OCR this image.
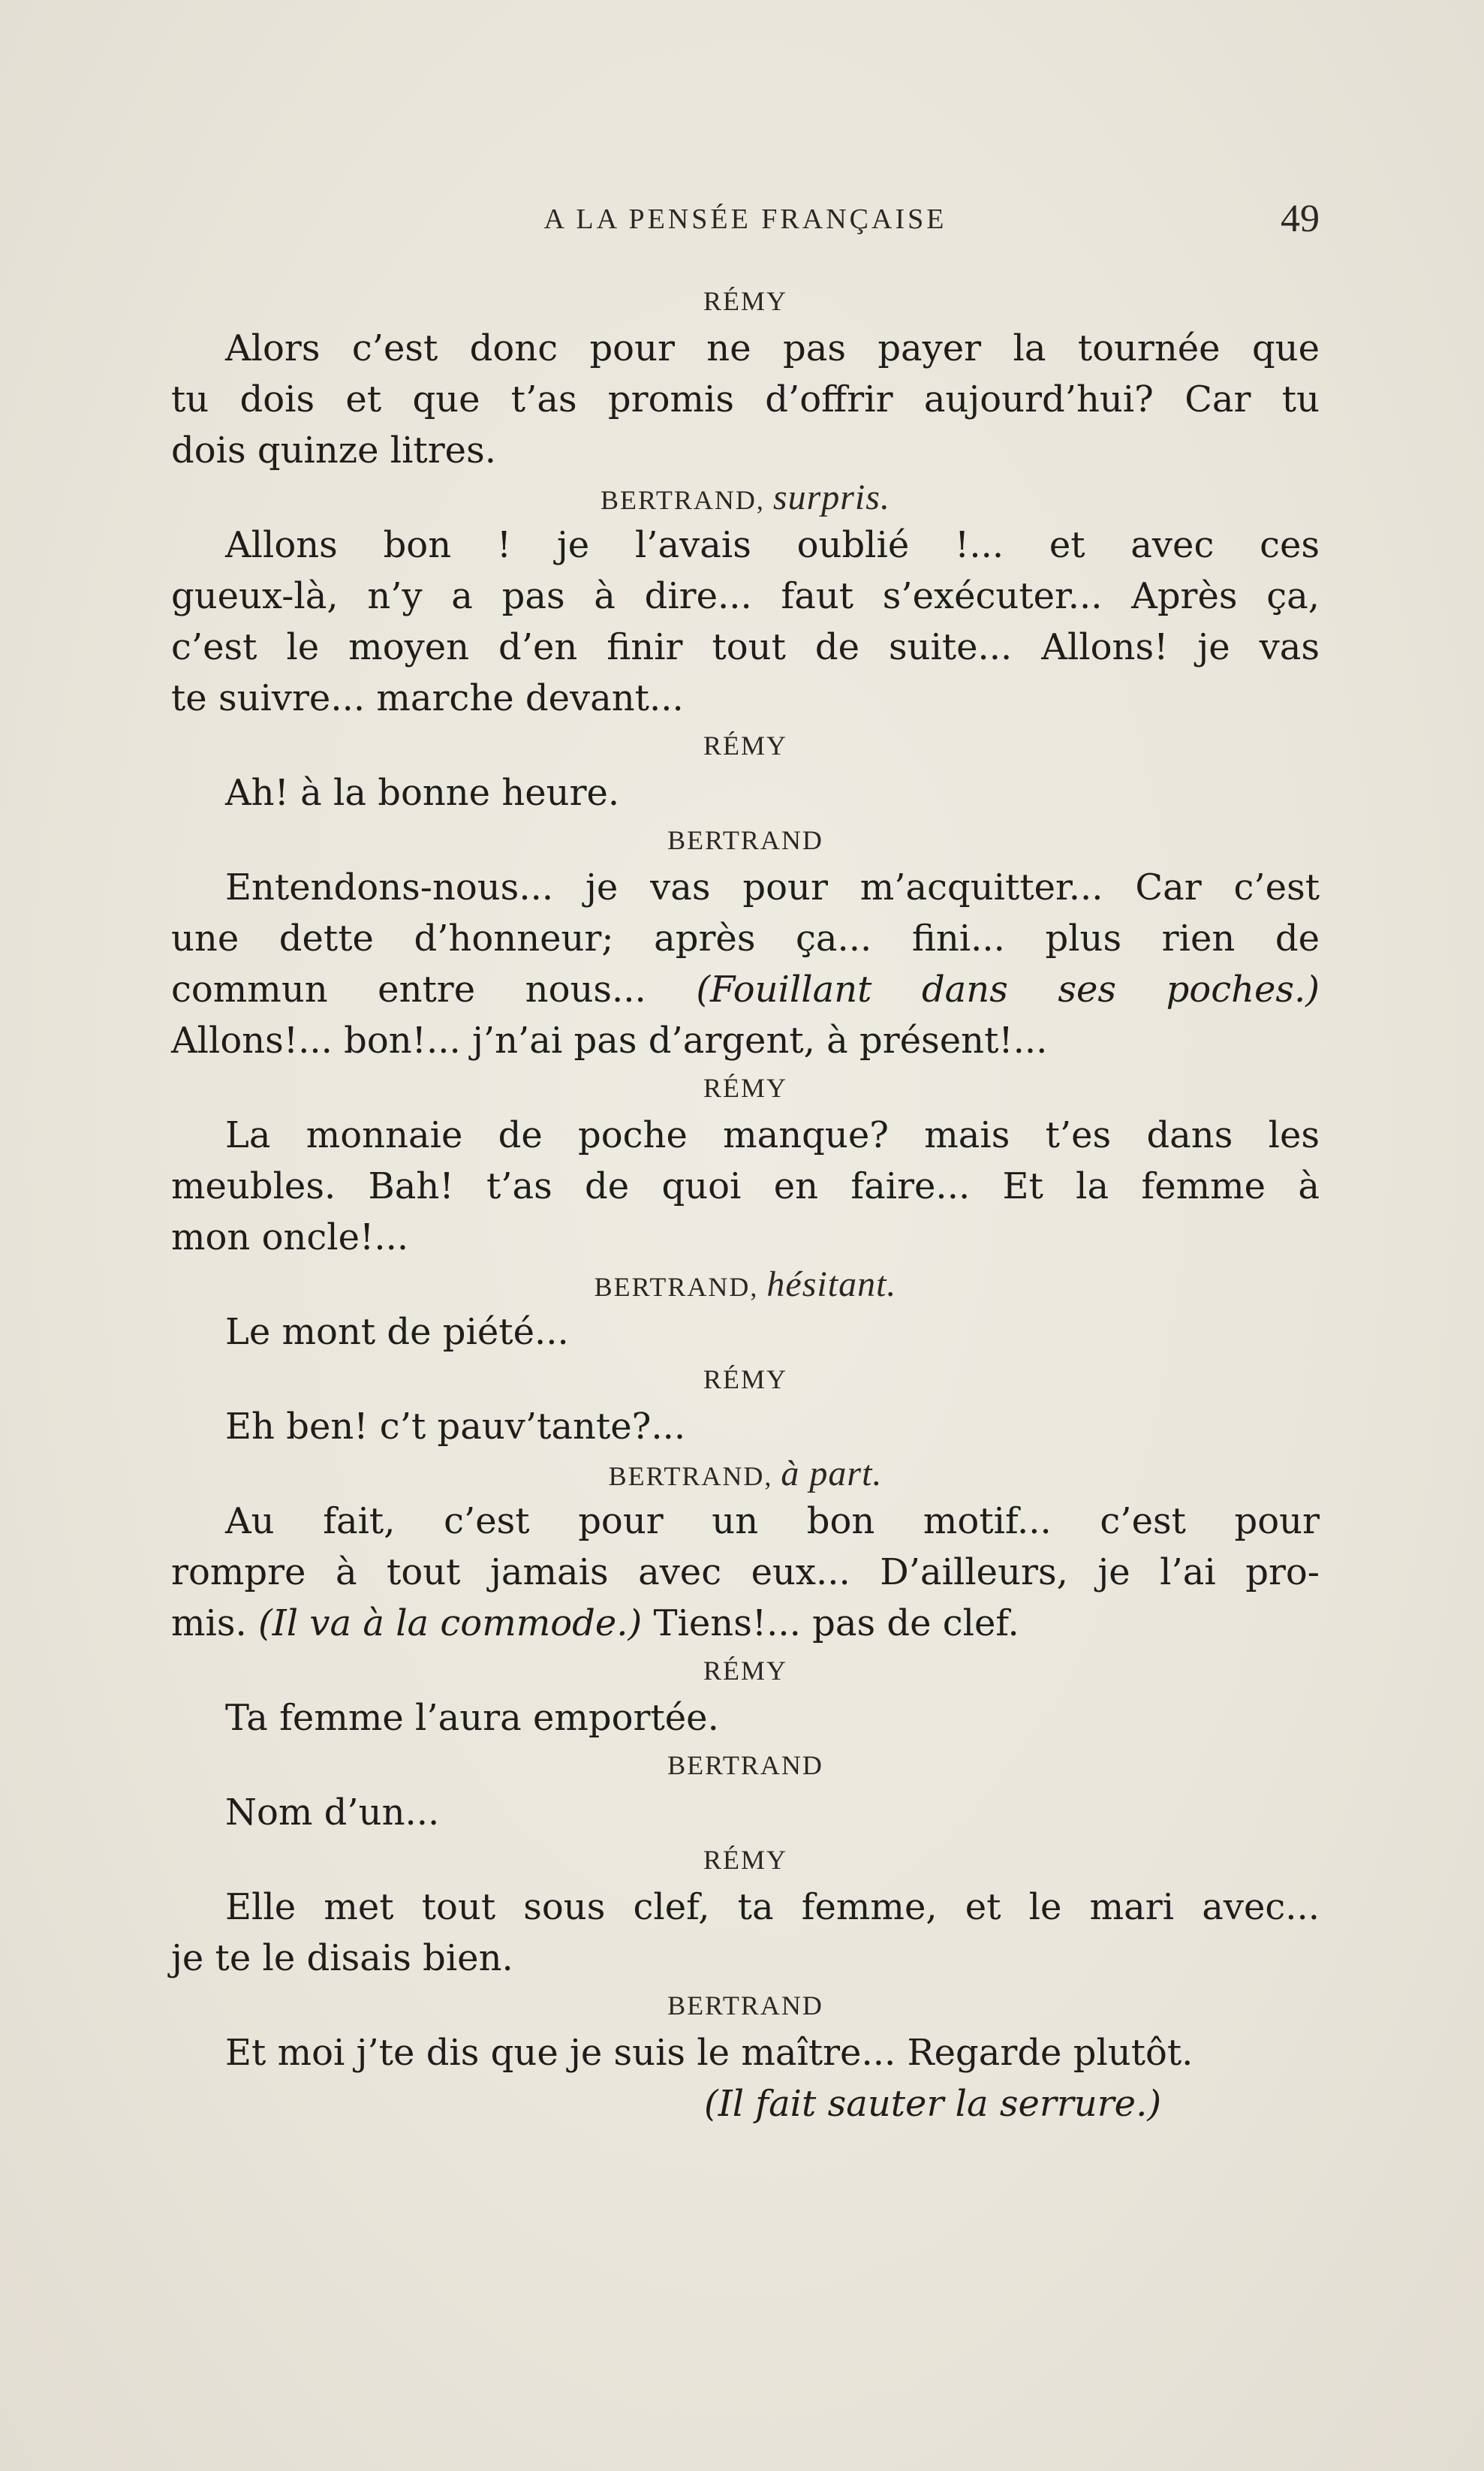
A LA PENSÉE FRANÇAISE	49
RÉMY
Alors c’est donc pour ne pas payer la tournée que
tu dois et que t’as promis d’offrir aujourd’hui? Car tu
dois quinze litres.
BERTRAND, surpris.
Allons bon ! je l’avais oublié !... et avec ces
gueux-là, n’y a pas à dire... faut s’exécuter... Après ça,
c’est le moyen d’en finir tout de suite... Allons! je vas
te suivre... marche devant...
RÉMY
Ah! à la bonne heure.
BERTRAND
Entendons-nous... je vas pour m’acquitter... Car c’est
une dette d’honneur; après ça... fini... plus rien de
commun entre nous... (Fouillant dans ses poches.)
Allons!... bon!... j’n’ai pas d’argent, à présent!...
RÉMY
La monnaie de poche manque? mais t’es dans les
meubles. Bah! t’as de quoi en faire... Et la femme à
mon oncle!...
BERTRAND, hésitant.
Le mont de piété...
RÉMY
Eh ben! c’t pauv’tante?...
BERTRAND, à part.
Au fait, c’est pour un bon motif... c’est pour
rompre à tout jamais avec eux... D’ailleurs, je l’ai pro-
mis. (Il va à la commode.) Tiens!... pas de clef.
RÉMY
Ta femme l’aura emportée.
BERTRAND
Nom d’un...
RÉMY
Elle met tout sous clef, ta femme, et le mari avec...
je te le disais bien.
BERTRAND
Et moi j’te dis que je suis le maître... Regarde plutôt.
(Il fait sauter la serrure.)
